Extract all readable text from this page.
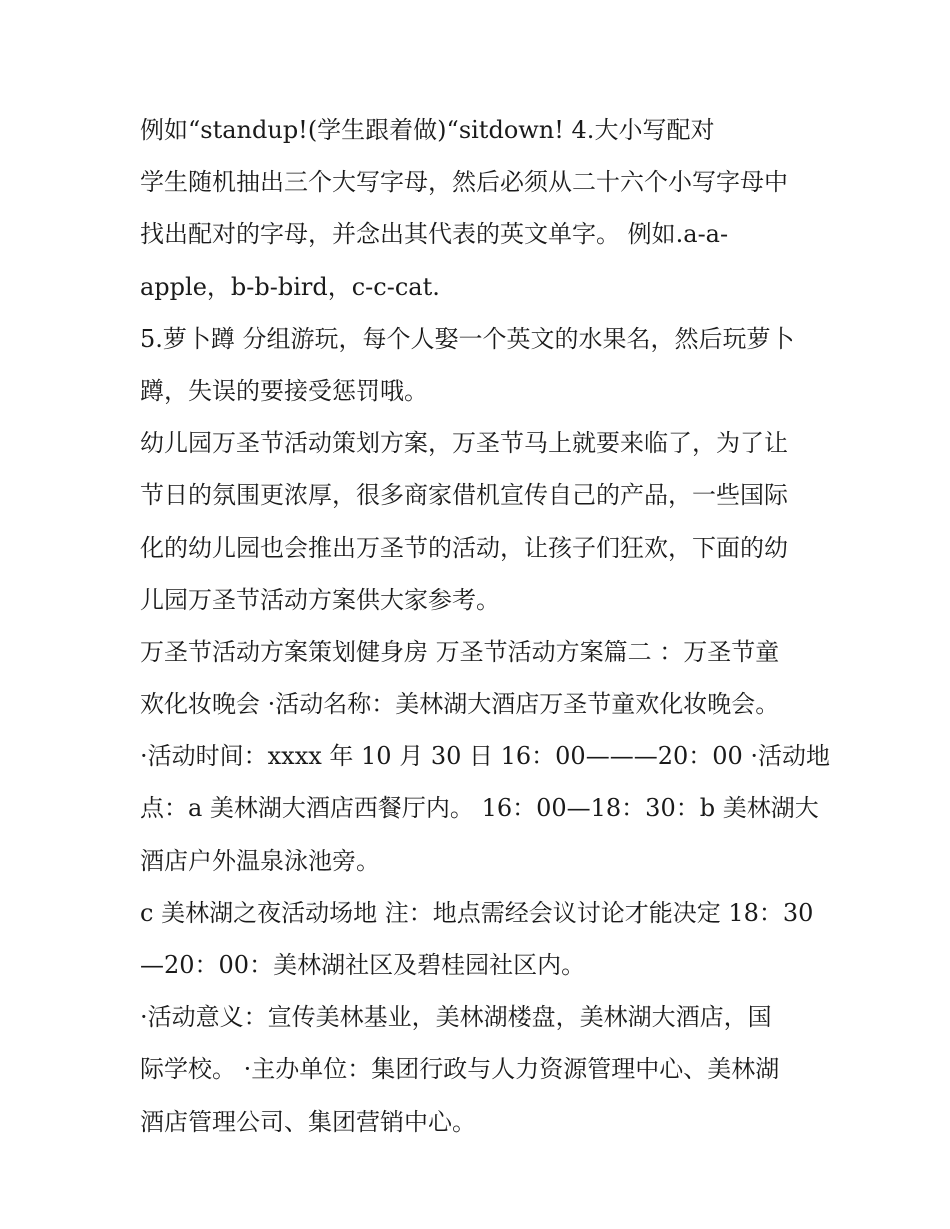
例如“standup!(学生跟着做)“sitdown! 4.大小写配对
学生随机抽出三个大写字母，然后必须从二十六个小写字母中
找出配对的字母，并念出其代表的英文单字。 例如.a-a-
apple，b-b-bird，c-c-cat.
5.萝卜蹲 分组游玩，每个人娶一个英文的水果名，然后玩萝卜
蹲，失误的要接受惩罚哦。
幼儿园万圣节活动策划方案，万圣节马上就要来临了，为了让
节日的氛围更浓厚，很多商家借机宣传自己的产品，一些国际
化的幼儿园也会推出万圣节的活动，让孩子们狂欢，下面的幼
儿园万圣节活动方案供大家参考。
万圣节活动方案策划健身房 万圣节活动方案篇二 ：万圣节童
欢化妆晚会 ·活动名称：美林湖大酒店万圣节童欢化妆晚会。
·活动时间：xxxx 年 10 月 30 日 16：00———20：00 ·活动地
点：a 美林湖大酒店西餐厅内。 16：00—18：30：b 美林湖大
酒店户外温泉泳池旁。
c 美林湖之夜活动场地 注：地点需经会议讨论才能决定 18：30
—20：00：美林湖社区及碧桂园社区内。
·活动意义：宣传美林基业，美林湖楼盘，美林湖大酒店，国
际学校。 ·主办单位：集团行政与人力资源管理中心、美林湖
酒店管理公司、集团营销中心。
